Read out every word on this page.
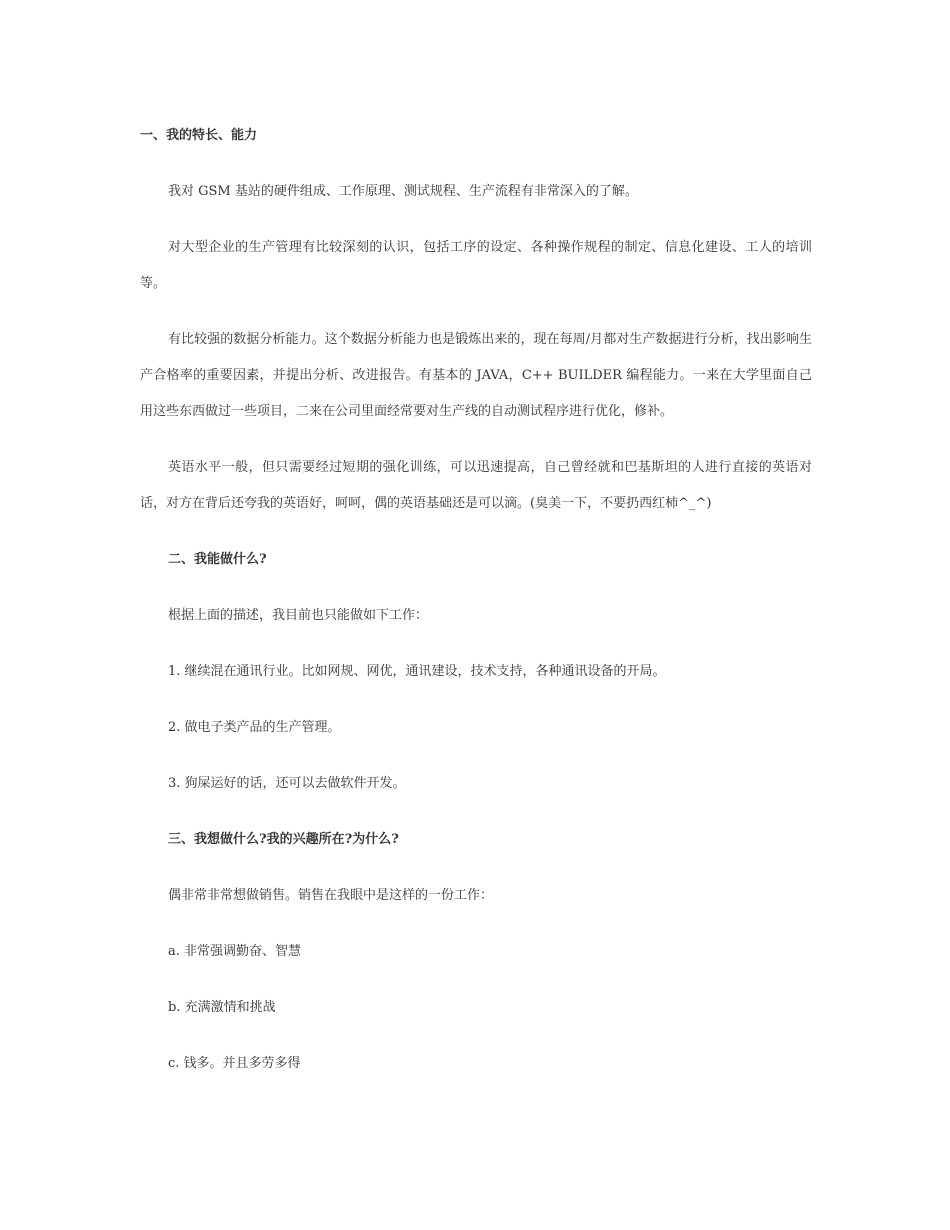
一、我的特长、能力
我对 GSM 基站的硬件组成、工作原理、测试规程、生产流程有非常深入的了解。
对大型企业的生产管理有比较深刻的认识，包括工序的设定、各种操作规程的制定、信息化建设、工人的培训等。
有比较强的数据分析能力。这个数据分析能力也是锻炼出来的，现在每周/月都对生产数据进行分析，找出影响生产合格率的重要因素，并提出分析、改进报告。有基本的 JAVA，C++ BUILDER 编程能力。一来在大学里面自己用这些东西做过一些项目，二来在公司里面经常要对生产线的自动测试程序进行优化，修补。
英语水平一般，但只需要经过短期的强化训练，可以迅速提高，自己曾经就和巴基斯坦的人进行直接的英语对话，对方在背后还夸我的英语好，呵呵，偶的英语基础还是可以滴。(臭美一下，不要扔西红柿^_^)
二、我能做什么?
根据上面的描述，我目前也只能做如下工作：
1. 继续混在通讯行业。比如网规、网优，通讯建设，技术支持，各种通讯设备的开局。
2. 做电子类产品的生产管理。
3. 狗屎运好的话，还可以去做软件开发。
三、我想做什么?我的兴趣所在?为什么?
偶非常非常想做销售。销售在我眼中是这样的一份工作：
a. 非常强调勤奋、智慧
b. 充满激情和挑战
c. 钱多。并且多劳多得
